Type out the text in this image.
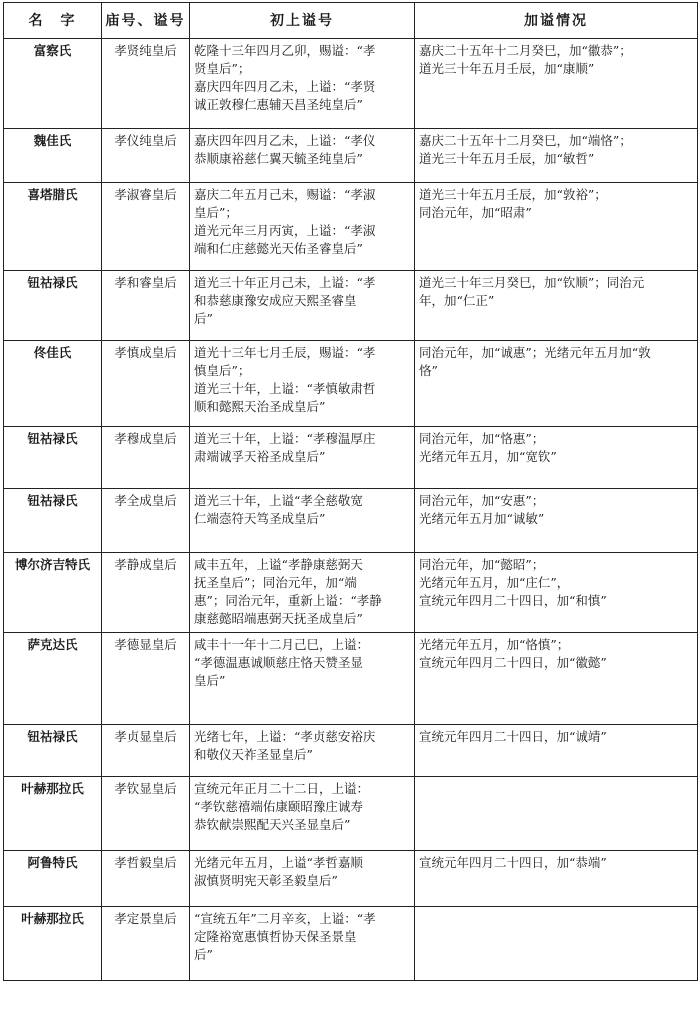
名　字	庙号、谥号	初上谥号	加谥情况
富察氏	孝贤纯皇后	乾隆十三年四月乙卯，赐谥：“孝
贤皇后”；
嘉庆四年四月乙未，上谥：“孝贤
诚正敦穆仁惠辅天昌圣纯皇后”	嘉庆二十五年十二月癸巳，加“徽恭”；
道光三十年五月壬辰，加“康顺”

魏佳氏	孝仪纯皇后	嘉庆四年四月乙未，上谥：“孝仪
恭顺康裕慈仁翼天毓圣纯皇后”	嘉庆二十五年十二月癸巳，加“端恪”；
道光三十年五月壬辰，加“敏哲”

喜塔腊氏	孝淑睿皇后	嘉庆二年五月己未，赐谥：“孝淑
皇后”；
道光元年三月丙寅，上谥：“孝淑
端和仁庄慈懿光天佑圣睿皇后”	道光三十年五月壬辰，加“敦裕”；
同治元年，加“昭肃”

钮祜禄氏	孝和睿皇后	道光三十年正月己未，上谥：“孝
和恭慈康豫安成应天熙圣睿皇
后”	道光三十年三月癸巳，加“钦顺”；同治元
年，加“仁正”

佟佳氏	孝慎成皇后	道光十三年七月壬辰，赐谥：“孝
慎皇后”；
道光三十年，上谥：“孝慎敏肃哲
顺和懿熙天治圣成皇后”	同治元年，加“诚惠”；光绪元年五月加“敦
恪”

钮祜禄氏	孝穆成皇后	道光三十年，上谥：“孝穆温厚庄
肃端诚孚天裕圣成皇后”	同治元年，加“恪惠”；
光绪元年五月，加“宽钦”

钮祜禄氏	孝全成皇后	道光三十年，上谥“孝全慈敬宽
仁端悫符天笃圣成皇后”	同治元年，加“安惠”；
光绪元年五月加“诚敏”

博尔济吉特氏	孝静成皇后	咸丰五年，上谥“孝静康慈弼天
抚圣皇后”；同治元年，加“端
惠”；同治元年，重新上谥：“孝静
康慈懿昭端惠弼天抚圣成皇后”	同治元年，加“懿昭”；
光绪元年五月，加“庄仁”，
宣统元年四月二十四日，加“和慎”

萨克达氏	孝德显皇后	咸丰十一年十二月己巳，上谥：
“孝德温惠诚顺慈庄恪天赞圣显
皇后”	光绪元年五月，加“恪慎”；
宣统元年四月二十四日，加“徽懿”

钮祜禄氏	孝贞显皇后	光绪七年，上谥：“孝贞慈安裕庆
和敬仪天祚圣显皇后”	宣统元年四月二十四日，加“诚靖”

叶赫那拉氏	孝钦显皇后	宣统元年正月二十二日，上谥：
“孝钦慈禧端佑康颐昭豫庄诚寿
恭钦献崇熙配天兴圣显皇后”	

阿鲁特氏	孝哲毅皇后	光绪元年五月，上谥“孝哲嘉顺
淑慎贤明宪天彰圣毅皇后”	宣统元年四月二十四日，加“恭端”

叶赫那拉氏	孝定景皇后	“宣统五年”二月辛亥，上谥：“孝
定隆裕宽惠慎哲协天保圣景皇
后”	
